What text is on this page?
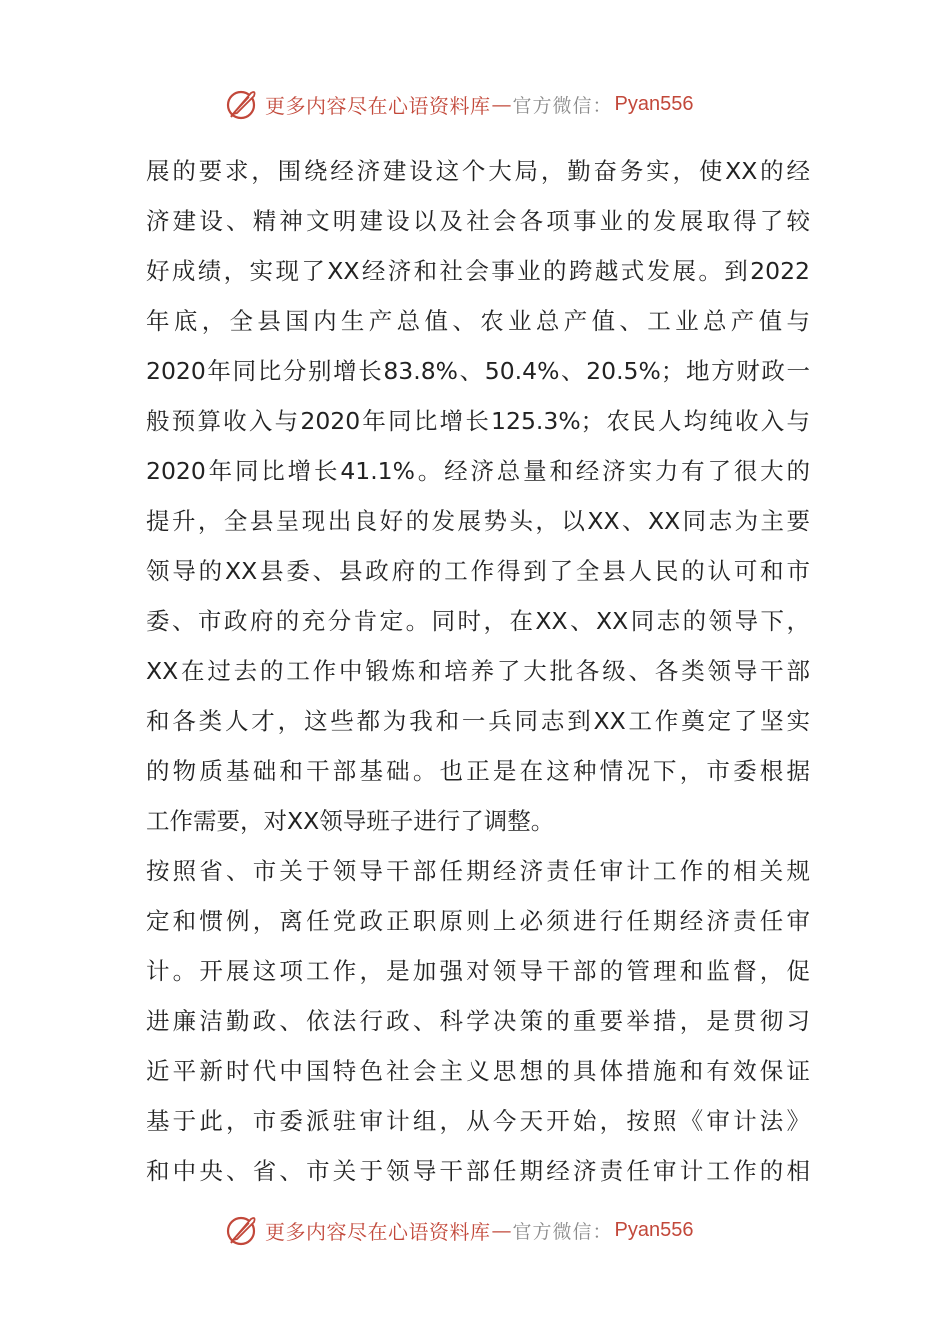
更多内容尽在心语资料库 — 官方微信： Pyan556
展的要求，围绕经济建设这个大局，勤奋务实，使XX的经
济建设、精神文明建设以及社会各项事业的发展取得了较
好成绩，实现了XX经济和社会事业的跨越式发展。到2022
年底，全县国内生产总值、农业总产值、工业总产值与
2020年同比分别增长83.8%、50.4%、20.5%；地方财政一
般预算收入与2020年同比增长125.3%；农民人均纯收入与
2020年同比增长41.1%。经济总量和经济实力有了很大的
提升，全县呈现出良好的发展势头，以XX、XX同志为主要
领导的XX县委、县政府的工作得到了全县人民的认可和市
委、市政府的充分肯定。同时，在XX、XX同志的领导下，
XX在过去的工作中锻炼和培养了大批各级、各类领导干部
和各类人才，这些都为我和一兵同志到XX工作奠定了坚实
的物质基础和干部基础。也正是在这种情况下，市委根据
工作需要，对XX领导班子进行了调整。
按照省、市关于领导干部任期经济责任审计工作的相关规
定和惯例，离任党政正职原则上必须进行任期经济责任审
计。开展这项工作，是加强对领导干部的管理和监督，促
进廉洁勤政、依法行政、科学决策的重要举措，是贯彻习
近平新时代中国特色社会主义思想的具体措施和有效保证
基于此，市委派驻审计组，从今天开始，按照《审计法》
和中央、省、市关于领导干部任期经济责任审计工作的相
更多内容尽在心语资料库 — 官方微信： Pyan556
